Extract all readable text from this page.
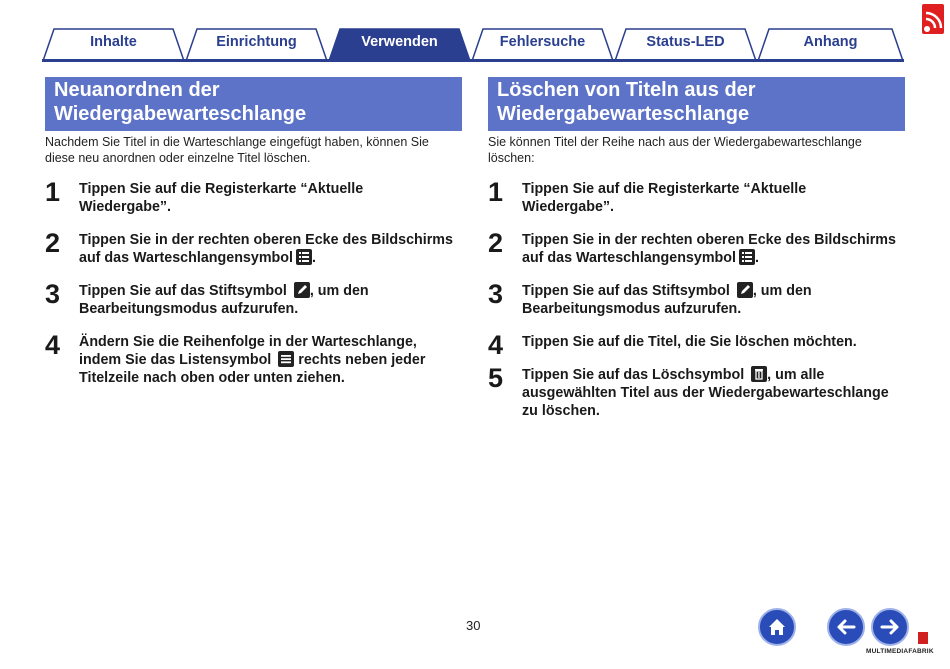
Inhalte	Einrichtung	Verwenden	Fehlersuche	Status-LED	Anhang
Neuanordnen der
Wiedergabewarteschlange
Nachdem Sie Titel in die Warteschlange eingefügt haben, können Sie
diese neu anordnen oder einzelne Titel löschen.
1 Tippen Sie auf die Registerkarte “Aktuelle
Wiedergabe”.
2 Tippen Sie in der rechten oberen Ecke des Bildschirms
auf das Warteschlangensymbol .
3 Tippen Sie auf das Stiftsymbol , um den
Bearbeitungsmodus aufzurufen.
4 Ändern Sie die Reihenfolge in der Warteschlange,
indem Sie das Listensymbol rechts neben jeder
Titelzeile nach oben oder unten ziehen.
Löschen von Titeln aus der
Wiedergabewarteschlange
Sie können Titel der Reihe nach aus der Wiedergabewarteschlange
löschen:
1 Tippen Sie auf die Registerkarte “Aktuelle
Wiedergabe”.
2 Tippen Sie in der rechten oberen Ecke des Bildschirms
auf das Warteschlangensymbol .
3 Tippen Sie auf das Stiftsymbol , um den
Bearbeitungsmodus aufzurufen.
4 Tippen Sie auf die Titel, die Sie löschen möchten.
5 Tippen Sie auf das Löschsymbol , um alle
ausgewählten Titel aus der Wiedergabewarteschlange
zu löschen.
30
MULTIMEDIAFABRIK
